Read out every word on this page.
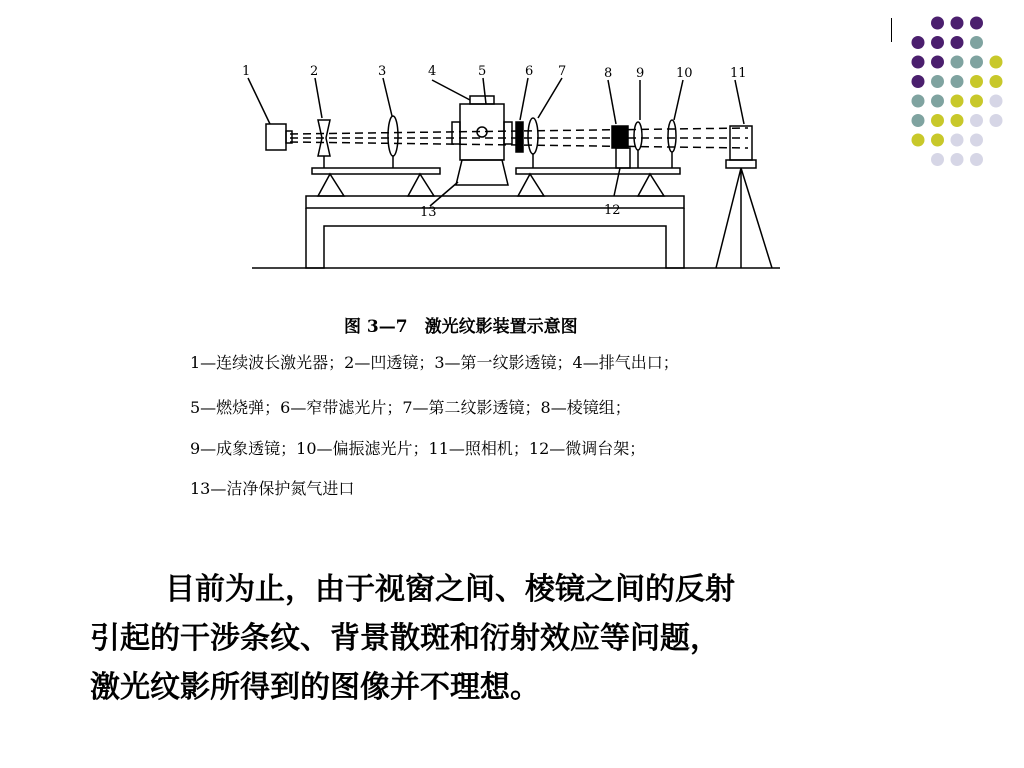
1	2	3	4	5	6 7	8 9 10	11
12
13
图 3—7　激光纹影装置示意图
1—连续波长激光器；2—凹透镜；3—第一纹影透镜；4—排气出口；
5—燃烧弹；6—窄带滤光片；7—第二纹影透镜；8—棱镜组；
9—成象透镜；10—偏振滤光片；11—照相机；12—微调台架；
13—洁净保护氮气进口
目前为止，由于视窗之间、棱镜之间的反射
引起的干涉条纹、背景散斑和衍射效应等问题，
激光纹影所得到的图像并不理想。
